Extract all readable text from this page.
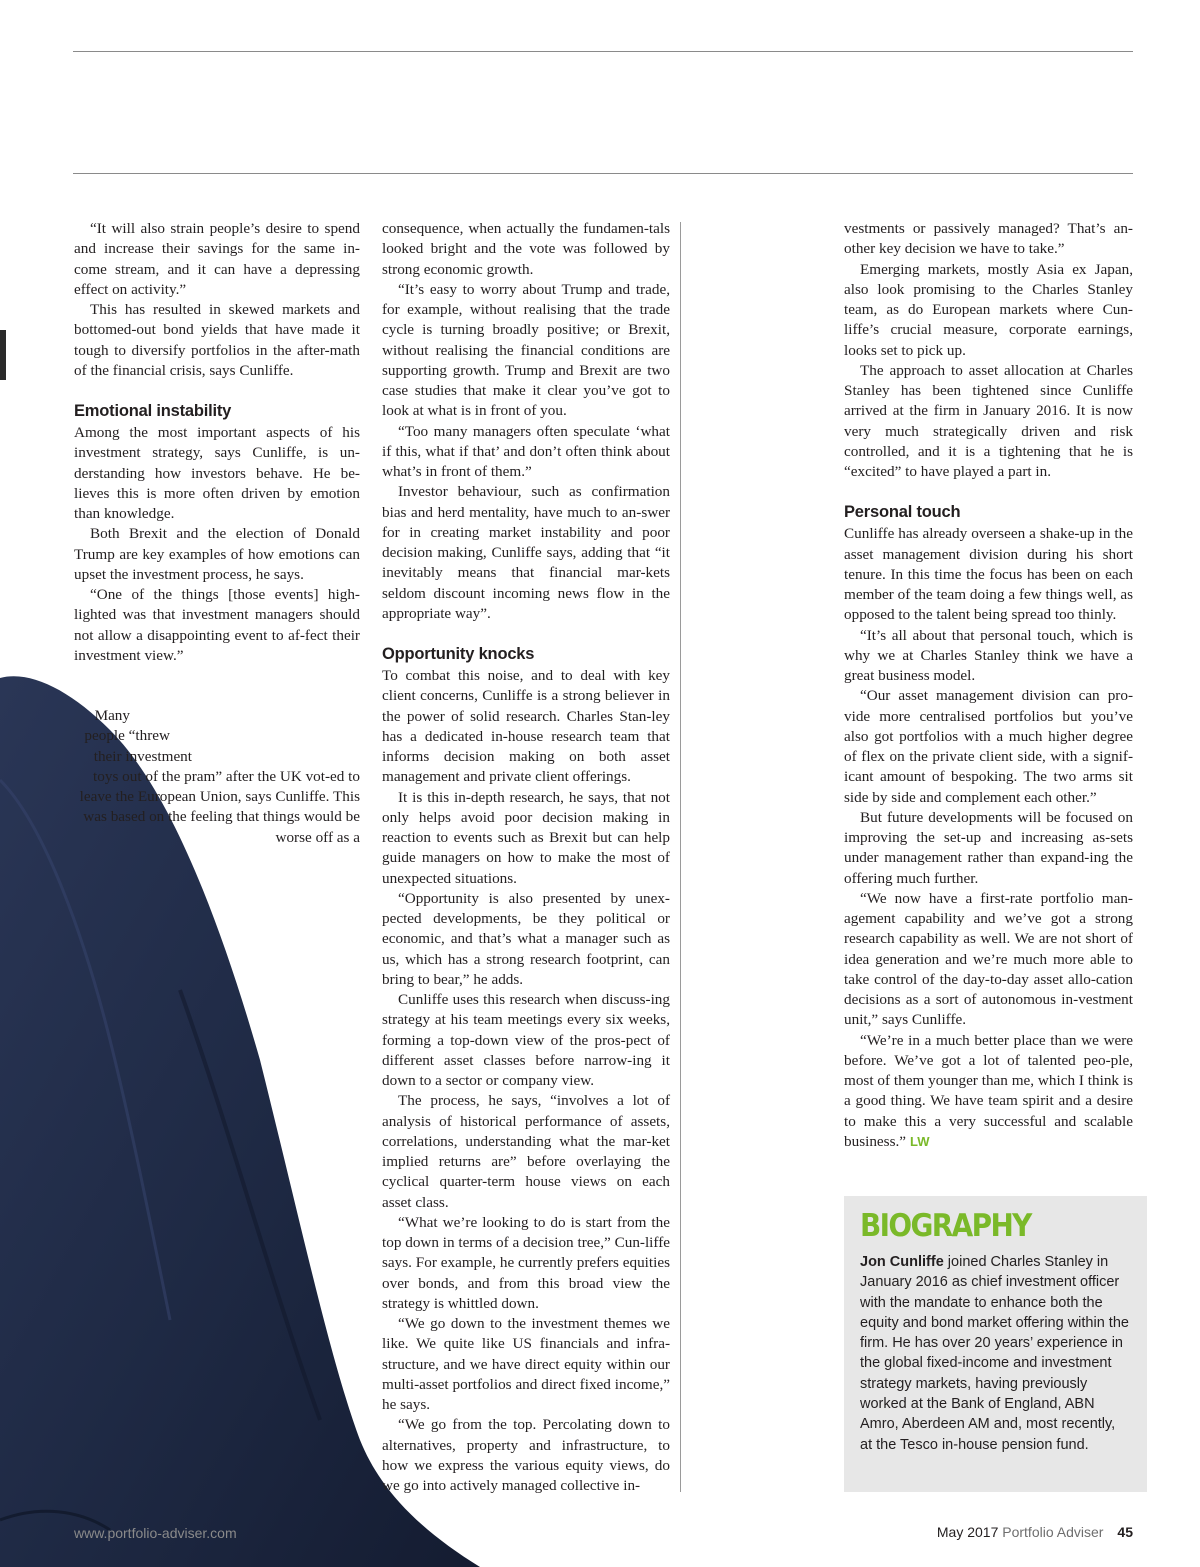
“It will also strain people’s desire to spend and increase their savings for the same in-come stream, and it can have a depressing effect on activity.”

This has resulted in skewed markets and bottomed-out bond yields that have made it tough to diversify portfolios in the after-math of the financial crisis, says Cunliffe.

Emotional instability

Among the most important aspects of his investment strategy, says Cunliffe, is un-derstanding how investors behave. He be-lieves this is more often driven by emotion than knowledge.

Both Brexit and the election of Donald Trump are key examples of how emotions can upset the investment process, he says.

“One of the things [those events] high-lighted was that investment managers should not allow a disappointing event to af-fect their investment view.”

Many people “threw their investment toys out of the pram” after the UK vot-ed to leave the European Union, says Cunliffe. This was based on the feeling that things would be worse off as a

consequence, when actually the fundamen-tals looked bright and the vote was followed by strong economic growth.

“It’s easy to worry about Trump and trade, for example, without realising that the trade cycle is turning broadly positive; or Brexit, without realising the financial conditions are supporting growth. Trump and Brexit are two case studies that make it clear you’ve got to look at what is in front of you.

“Too many managers often speculate ‘what if this, what if that’ and don’t often think about what’s in front of them.”

Investor behaviour, such as confirmation bias and herd mentality, have much to an-swer for in creating market instability and poor decision making, Cunliffe says, adding that “it inevitably means that financial mar-kets seldom discount incoming news flow in the appropriate way”.

Opportunity knocks

To combat this noise, and to deal with key client concerns, Cunliffe is a strong believer in the power of solid research. Charles Stan-ley has a dedicated in-house research team that informs decision making on both asset management and private client offerings.

It is this in-depth research, he says, that not only helps avoid poor decision making in reaction to events such as Brexit but can help guide managers on how to make the most of unexpected situations.

“Opportunity is also presented by unex-pected developments, be they political or economic, and that’s what a manager such as us, which has a strong research footprint, can bring to bear,” he adds.

Cunliffe uses this research when discuss-ing strategy at his team meetings every six weeks, forming a top-down view of the pros-pect of different asset classes before narrow-ing it down to a sector or company view.

The process, he says, “involves a lot of analysis of historical performance of assets, correlations, understanding what the mar-ket implied returns are” before overlaying the cyclical quarter-term house views on each asset class.

“What we’re looking to do is start from the top down in terms of a decision tree,” Cun-liffe says. For example, he currently prefers equities over bonds, and from this broad view the strategy is whittled down.

“We go down to the investment themes we like. We quite like US financials and infra-structure, and we have direct equity within our multi-asset portfolios and direct fixed income,” he says.

“We go from the top. Percolating down to alternatives, property and infrastructure, to how we express the various equity views, do we go into actively managed collective in-

vestments or passively managed? That’s an-other key decision we have to take.”

Emerging markets, mostly Asia ex Japan, also look promising to the Charles Stanley team, as do European markets where Cun-liffe’s crucial measure, corporate earnings, looks set to pick up.

The approach to asset allocation at Charles Stanley has been tightened since Cunliffe arrived at the firm in January 2016. It is now very much strategically driven and risk controlled, and it is a tightening that he is “excited” to have played a part in.

Personal touch

Cunliffe has already overseen a shake-up in the asset management division during his short tenure. In this time the focus has been on each member of the team doing a few things well, as opposed to the talent being spread too thinly.

“It’s all about that personal touch, which is why we at Charles Stanley think we have a great business model.

“Our asset management division can pro-vide more centralised portfolios but you’ve also got portfolios with a much higher degree of flex on the private client side, with a signif-icant amount of bespoking. The two arms sit side by side and complement each other.”

But future developments will be focused on improving the set-up and increasing as-sets under management rather than expand-ing the offering much further.

“We now have a first-rate portfolio man-agement capability and we’ve got a strong research capability as well. We are not short of idea generation and we’re much more able to take control of the day-to-day asset allo-cation decisions as a sort of autonomous in-vestment unit,” says Cunliffe.

“We’re in a much better place than we were before. We’ve got a lot of talented peo-ple, most of them younger than me, which I think is a good thing. We have team spirit and a desire to make this a very successful and scalable business.” LW

BIOGRAPHY
Jon Cunliffe joined Charles Stanley in January 2016 as chief investment officer with the mandate to enhance both the equity and bond market offering within the firm. He has over 20 years’ experience in the global fixed-income and investment strategy markets, having previously worked at the Bank of England, ABN Amro, Aberdeen AM and, most recently, at the Tesco in-house pension fund.
www.portfolio-adviser.com	May 2017 Portfolio Adviser 45
